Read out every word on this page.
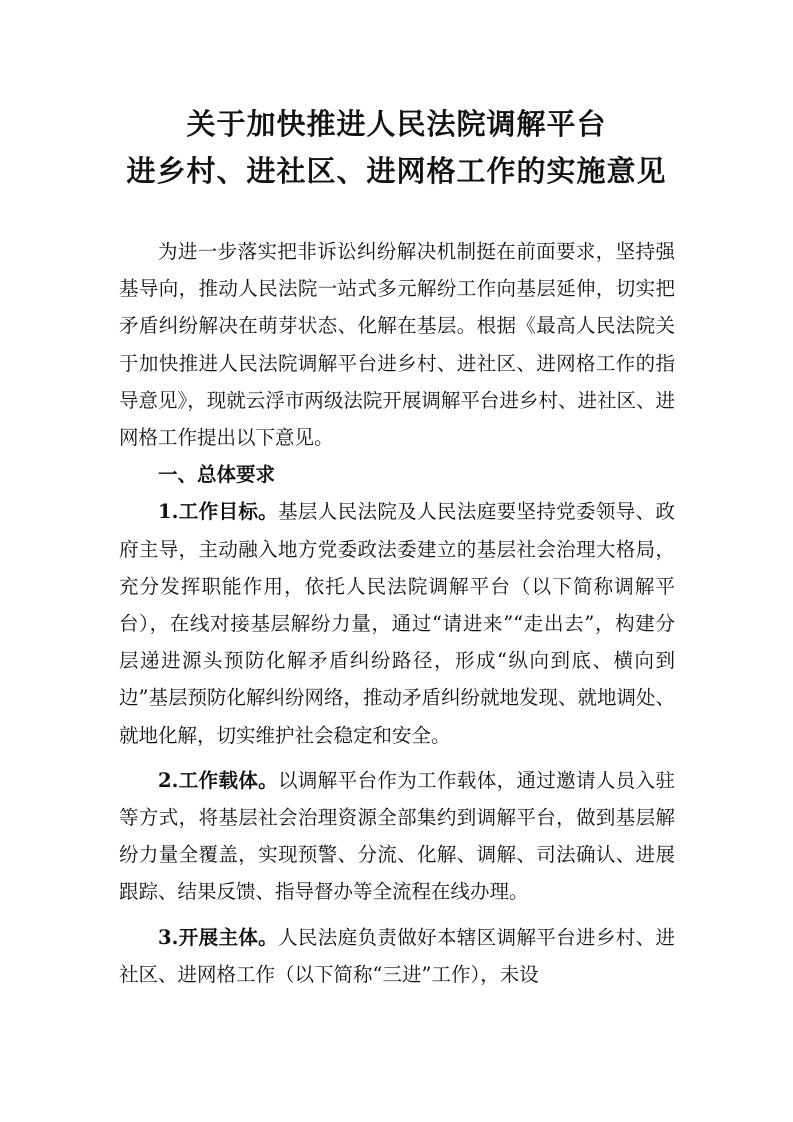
关于加快推进人民法院调解平台
进乡村、进社区、进网格工作的实施意见

为进一步落实把非诉讼纠纷解决机制挺在前面要求，坚持强基导向，推动人民法院一站式多元解纷工作向基层延伸，切实把矛盾纠纷解决在萌芽状态、化解在基层。根据《最高人民法院关于加快推进人民法院调解平台进乡村、进社区、进网格工作的指导意见》，现就云浮市两级法院开展调解平台进乡村、进社区、进网格工作提出以下意见。

一、总体要求

1.工作目标。基层人民法院及人民法庭要坚持党委领导、政府主导，主动融入地方党委政法委建立的基层社会治理大格局，充分发挥职能作用，依托人民法院调解平台（以下简称调解平台），在线对接基层解纷力量，通过“请进来”“走出去”，构建分层递进源头预防化解矛盾纠纷路径，形成“纵向到底、横向到边”基层预防化解纠纷网络，推动矛盾纠纷就地发现、就地调处、就地化解，切实维护社会稳定和安全。

2.工作载体。以调解平台作为工作载体，通过邀请人员入驻等方式，将基层社会治理资源全部集约到调解平台，做到基层解纷力量全覆盖，实现预警、分流、化解、调解、司法确认、进展跟踪、结果反馈、指导督办等全流程在线办理。

3.开展主体。人民法庭负责做好本辖区调解平台进乡村、进社区、进网格工作（以下简称“三进”工作），未设
